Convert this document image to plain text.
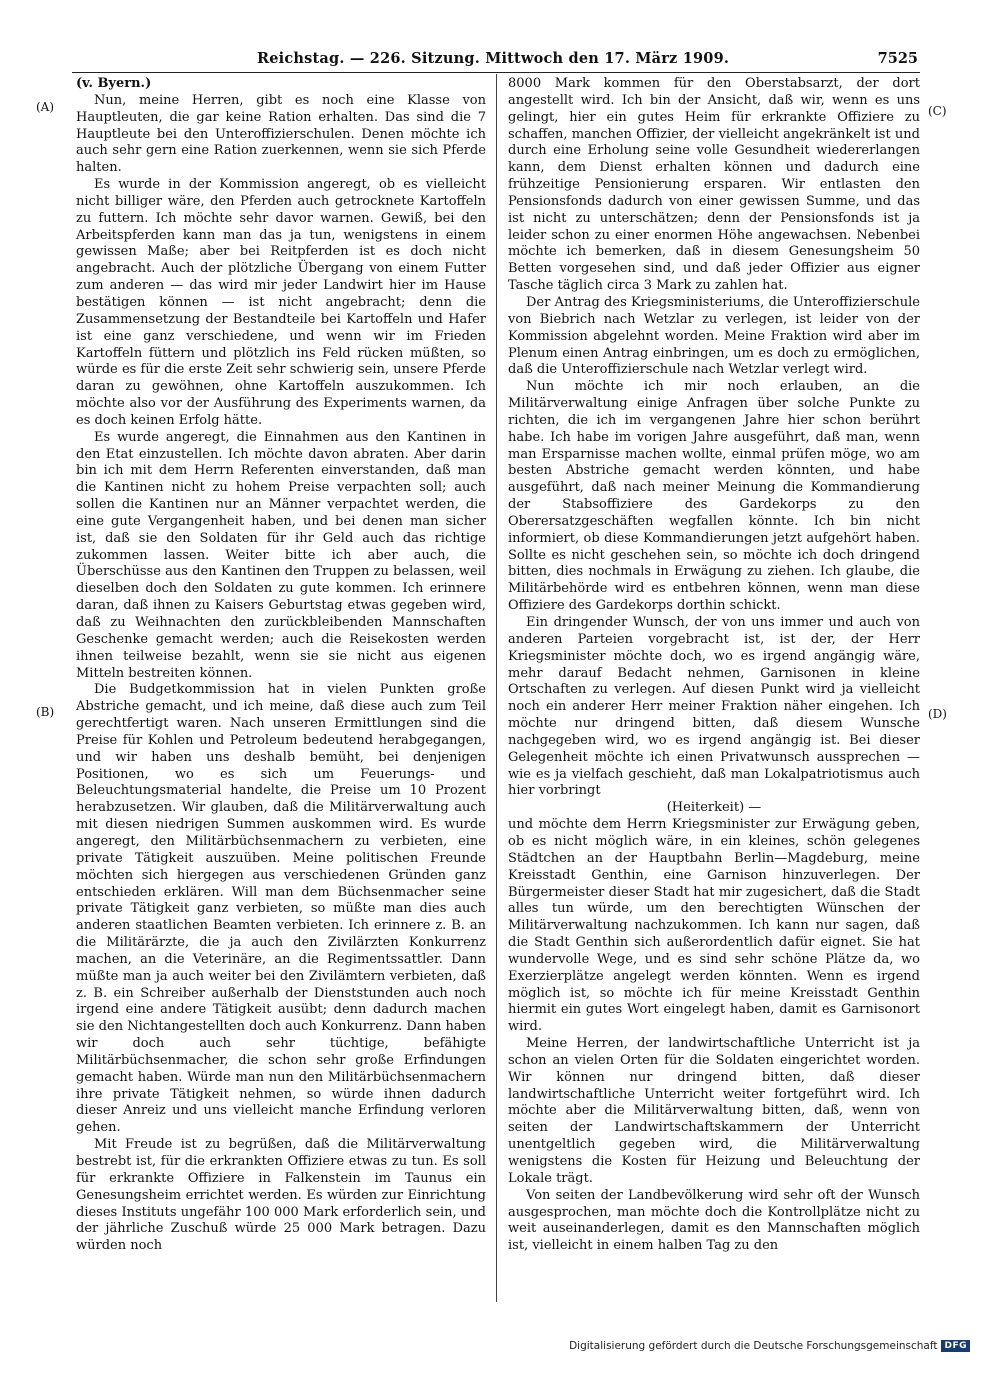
Reichstag. — 226. Sitzung. Mittwoch den 17. März 1909.	7525
(A)
(B)
(C)
(D)

(v. Byern.)

Nun, meine Herren, gibt es noch eine Klasse von Hauptleuten, die gar keine Ration erhalten. Das sind die 7 Hauptleute bei den Unteroffizierschulen. Denen möchte ich auch sehr gern eine Ration zuerkennen, wenn sie sich Pferde halten.

Es wurde in der Kommission angeregt, ob es vielleicht nicht billiger wäre, den Pferden auch getrocknete Kartoffeln zu futtern. Ich möchte sehr davor warnen. Gewiß, bei den Arbeitspferden kann man das ja tun, wenigstens in einem gewissen Maße; aber bei Reitpferden ist es doch nicht angebracht. Auch der plötzliche Übergang von einem Futter zum anderen — das wird mir jeder Landwirt hier im Hause bestätigen können — ist nicht angebracht; denn die Zusammensetzung der Bestandteile bei Kartoffeln und Hafer ist eine ganz verschiedene, und wenn wir im Frieden Kartoffeln füttern und plötzlich ins Feld rücken müßten, so würde es für die erste Zeit sehr schwierig sein, unsere Pferde daran zu gewöhnen, ohne Kartoffeln auszukommen. Ich möchte also vor der Ausführung des Experiments warnen, da es doch keinen Erfolg hätte.

Es wurde angeregt, die Einnahmen aus den Kantinen in den Etat einzustellen. Ich möchte davon abraten. Aber darin bin ich mit dem Herrn Referenten einverstanden, daß man die Kantinen nicht zu hohem Preise verpachten soll; auch sollen die Kantinen nur an Männer verpachtet werden, die eine gute Vergangenheit haben, und bei denen man sicher ist, daß sie den Soldaten für ihr Geld auch das richtige zukommen lassen. Weiter bitte ich aber auch, die Überschüsse aus den Kantinen den Truppen zu belassen, weil dieselben doch den Soldaten zu gute kommen. Ich erinnere daran, daß ihnen zu Kaisers Geburtstag etwas gegeben wird, daß zu Weihnachten den zurückbleibenden Mannschaften Geschenke gemacht werden; auch die Reisekosten werden ihnen teilweise bezahlt, wenn sie sie nicht aus eigenen Mitteln bestreiten können.

Die Budgetkommission hat in vielen Punkten große Abstriche gemacht, und ich meine, daß diese auch zum Teil gerechtfertigt waren. Nach unseren Ermittlungen sind die Preise für Kohlen und Petroleum bedeutend herabgegangen, und wir haben uns deshalb bemüht, bei denjenigen Positionen, wo es sich um Feuerungs- und Beleuchtungsmaterial handelte, die Preise um 10 Prozent herabzusetzen. Wir glauben, daß die Militärverwaltung auch mit diesen niedrigen Summen auskommen wird. Es wurde angeregt, den Militärbüchsenmachern zu verbieten, eine private Tätigkeit auszuüben. Meine politischen Freunde möchten sich hiergegen aus verschiedenen Gründen ganz entschieden erklären. Will man dem Büchsenmacher seine private Tätigkeit ganz verbieten, so müßte man dies auch anderen staatlichen Beamten verbieten. Ich erinnere z. B. an die Militärärzte, die ja auch den Zivilärzten Konkurrenz machen, an die Veterinäre, an die Regimentssattler. Dann müßte man ja auch weiter bei den Zivilämtern verbieten, daß z. B. ein Schreiber außerhalb der Dienststunden auch noch irgend eine andere Tätigkeit ausübt; denn dadurch machen sie den Nichtangestellten doch auch Konkurrenz. Dann haben wir doch auch sehr tüchtige, befähigte Militärbüchsenmacher, die schon sehr große Erfindungen gemacht haben. Würde man nun den Militärbüchsenmachern ihre private Tätigkeit nehmen, so würde ihnen dadurch dieser Anreiz und uns vielleicht manche Erfindung verloren gehen.

Mit Freude ist zu begrüßen, daß die Militärverwaltung bestrebt ist, für die erkrankten Offiziere etwas zu tun. Es soll für erkrankte Offiziere in Falkenstein im Taunus ein Genesungsheim errichtet werden. Es würden zur Einrichtung dieses Instituts ungefähr 100 000 Mark erforderlich sein, und der jährliche Zuschuß würde 25 000 Mark betragen. Dazu würden noch

8000 Mark kommen für den Oberstabsarzt, der dort angestellt wird. Ich bin der Ansicht, daß wir, wenn es uns gelingt, hier ein gutes Heim für erkrankte Offiziere zu schaffen, manchen Offizier, der vielleicht angekränkelt ist und durch eine Erholung seine volle Gesundheit wiedererlangen kann, dem Dienst erhalten können und dadurch eine frühzeitige Pensionierung ersparen. Wir entlasten den Pensionsfonds dadurch von einer gewissen Summe, und das ist nicht zu unterschätzen; denn der Pensionsfonds ist ja leider schon zu einer enormen Höhe angewachsen. Nebenbei möchte ich bemerken, daß in diesem Genesungsheim 50 Betten vorgesehen sind, und daß jeder Offizier aus eigner Tasche täglich circa 3 Mark zu zahlen hat.

Der Antrag des Kriegsministeriums, die Unteroffizierschule von Biebrich nach Wetzlar zu verlegen, ist leider von der Kommission abgelehnt worden. Meine Fraktion wird aber im Plenum einen Antrag einbringen, um es doch zu ermöglichen, daß die Unteroffizierschule nach Wetzlar verlegt wird.

Nun möchte ich mir noch erlauben, an die Militärverwaltung einige Anfragen über solche Punkte zu richten, die ich im vergangenen Jahre hier schon berührt habe. Ich habe im vorigen Jahre ausgeführt, daß man, wenn man Ersparnisse machen wollte, einmal prüfen möge, wo am besten Abstriche gemacht werden könnten, und habe ausgeführt, daß nach meiner Meinung die Kommandierung der Stabsoffiziere des Gardekorps zu den Oberersatzgeschäften wegfallen könnte. Ich bin nicht informiert, ob diese Kommandierungen jetzt aufgehört haben. Sollte es nicht geschehen sein, so möchte ich doch dringend bitten, dies nochmals in Erwägung zu ziehen. Ich glaube, die Militärbehörde wird es entbehren können, wenn man diese Offiziere des Gardekorps dorthin schickt.

Ein dringender Wunsch, der von uns immer und auch von anderen Parteien vorgebracht ist, ist der, der Herr Kriegsminister möchte doch, wo es irgend angängig wäre, mehr darauf Bedacht nehmen, Garnisonen in kleine Ortschaften zu verlegen. Auf diesen Punkt wird ja vielleicht noch ein anderer Herr meiner Fraktion näher eingehen. Ich möchte nur dringend bitten, daß diesem Wunsche nachgegeben wird, wo es irgend angängig ist. Bei dieser Gelegenheit möchte ich einen Privatwunsch aussprechen — wie es ja vielfach geschieht, daß man Lokalpatriotismus auch hier vorbringt

(Heiterkeit) —

und möchte dem Herrn Kriegsminister zur Erwägung geben, ob es nicht möglich wäre, in ein kleines, schön gelegenes Städtchen an der Hauptbahn Berlin—Magdeburg, meine Kreisstadt Genthin, eine Garnison hinzuverlegen. Der Bürgermeister dieser Stadt hat mir zugesichert, daß die Stadt alles tun würde, um den berechtigten Wünschen der Militärverwaltung nachzukommen. Ich kann nur sagen, daß die Stadt Genthin sich außerordentlich dafür eignet. Sie hat wundervolle Wege, und es sind sehr schöne Plätze da, wo Exerzierplätze angelegt werden könnten. Wenn es irgend möglich ist, so möchte ich für meine Kreisstadt Genthin hiermit ein gutes Wort eingelegt haben, damit es Garnisonort wird.

Meine Herren, der landwirtschaftliche Unterricht ist ja schon an vielen Orten für die Soldaten eingerichtet worden. Wir können nur dringend bitten, daß dieser landwirtschaftliche Unterricht weiter fortgeführt wird. Ich möchte aber die Militärverwaltung bitten, daß, wenn von seiten der Landwirtschaftskammern der Unterricht unentgeltlich gegeben wird, die Militärverwaltung wenigstens die Kosten für Heizung und Beleuchtung der Lokale trägt.

Von seiten der Landbevölkerung wird sehr oft der Wunsch ausgesprochen, man möchte doch die Kontrollplätze nicht zu weit auseinanderlegen, damit es den Mannschaften möglich ist, vielleicht in einem halben Tag zu den

Digitalisierung gefördert durch die Deutsche Forschungsgemeinschaft DFG
